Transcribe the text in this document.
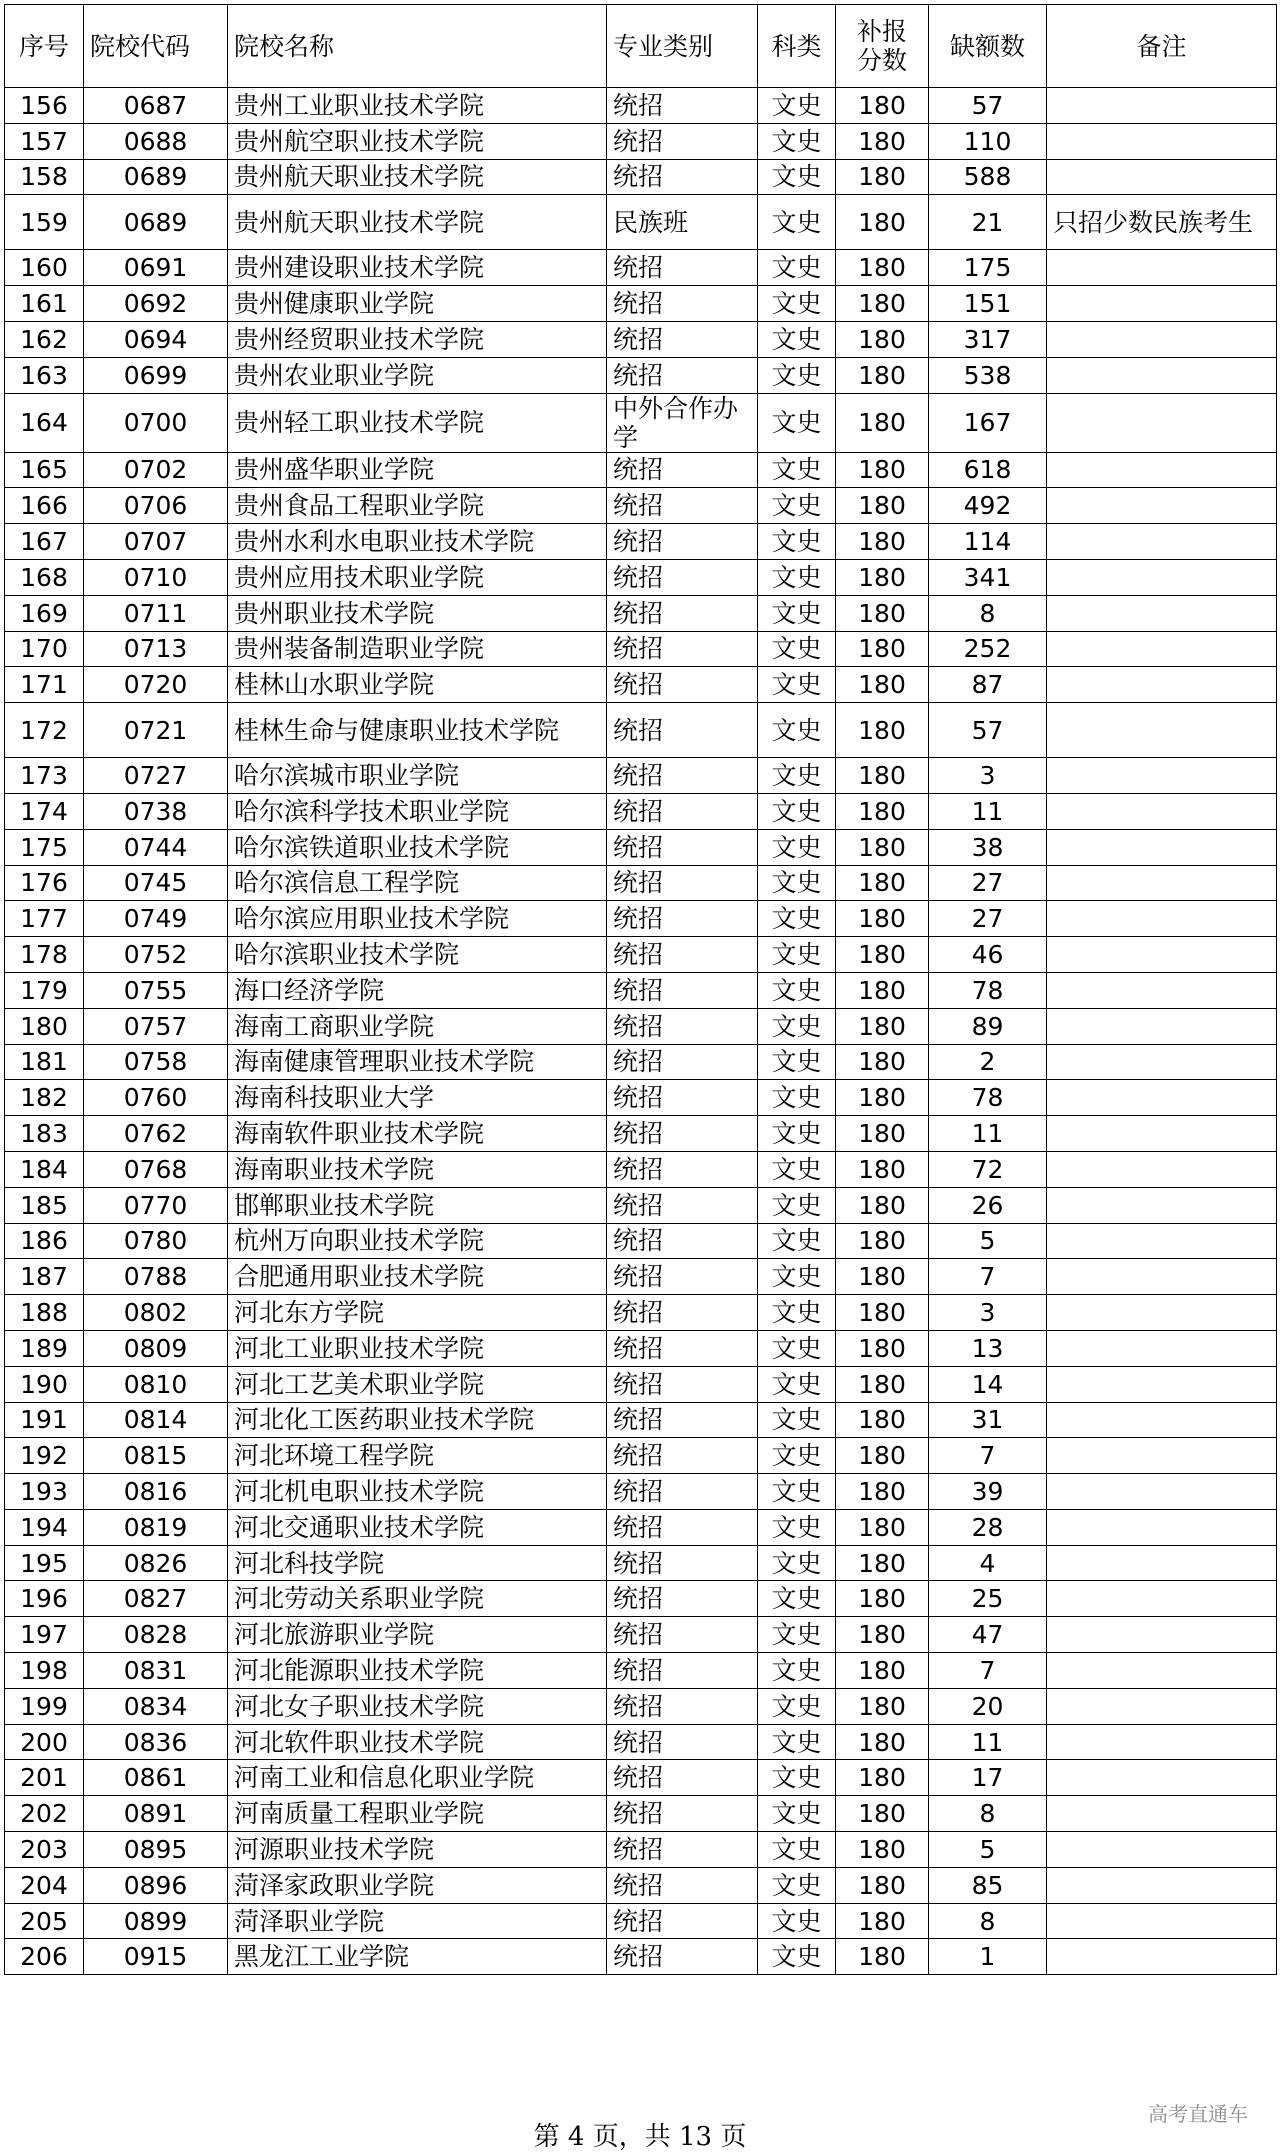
序号	院校代码	院校名称	专业类别	科类	补报分数	缺额数	备注
156	0687	贵州工业职业技术学院	统招	文史	180	57	
157	0688	贵州航空职业技术学院	统招	文史	180	110	
158	0689	贵州航天职业技术学院	统招	文史	180	588	
159	0689	贵州航天职业技术学院	民族班	文史	180	21	只招少数民族考生
160	0691	贵州建设职业技术学院	统招	文史	180	175	
161	0692	贵州健康职业学院	统招	文史	180	151	
162	0694	贵州经贸职业技术学院	统招	文史	180	317	
163	0699	贵州农业职业学院	统招	文史	180	538	
164	0700	贵州轻工职业技术学院	中外合作办学	文史	180	167	
165	0702	贵州盛华职业学院	统招	文史	180	618	
166	0706	贵州食品工程职业学院	统招	文史	180	492	
167	0707	贵州水利水电职业技术学院	统招	文史	180	114	
168	0710	贵州应用技术职业学院	统招	文史	180	341	
169	0711	贵州职业技术学院	统招	文史	180	8	
170	0713	贵州装备制造职业学院	统招	文史	180	252	
171	0720	桂林山水职业学院	统招	文史	180	87	
172	0721	桂林生命与健康职业技术学院	统招	文史	180	57	
173	0727	哈尔滨城市职业学院	统招	文史	180	3	
174	0738	哈尔滨科学技术职业学院	统招	文史	180	11	
175	0744	哈尔滨铁道职业技术学院	统招	文史	180	38	
176	0745	哈尔滨信息工程学院	统招	文史	180	27	
177	0749	哈尔滨应用职业技术学院	统招	文史	180	27	
178	0752	哈尔滨职业技术学院	统招	文史	180	46	
179	0755	海口经济学院	统招	文史	180	78	
180	0757	海南工商职业学院	统招	文史	180	89	
181	0758	海南健康管理职业技术学院	统招	文史	180	2	
182	0760	海南科技职业大学	统招	文史	180	78	
183	0762	海南软件职业技术学院	统招	文史	180	11	
184	0768	海南职业技术学院	统招	文史	180	72	
185	0770	邯郸职业技术学院	统招	文史	180	26	
186	0780	杭州万向职业技术学院	统招	文史	180	5	
187	0788	合肥通用职业技术学院	统招	文史	180	7	
188	0802	河北东方学院	统招	文史	180	3	
189	0809	河北工业职业技术学院	统招	文史	180	13	
190	0810	河北工艺美术职业学院	统招	文史	180	14	
191	0814	河北化工医药职业技术学院	统招	文史	180	31	
192	0815	河北环境工程学院	统招	文史	180	7	
193	0816	河北机电职业技术学院	统招	文史	180	39	
194	0819	河北交通职业技术学院	统招	文史	180	28	
195	0826	河北科技学院	统招	文史	180	4	
196	0827	河北劳动关系职业学院	统招	文史	180	25	
197	0828	河北旅游职业学院	统招	文史	180	47	
198	0831	河北能源职业技术学院	统招	文史	180	7	
199	0834	河北女子职业技术学院	统招	文史	180	20	
200	0836	河北软件职业技术学院	统招	文史	180	11	
201	0861	河南工业和信息化职业学院	统招	文史	180	17	
202	0891	河南质量工程职业学院	统招	文史	180	8	
203	0895	河源职业技术学院	统招	文史	180	5	
204	0896	菏泽家政职业学院	统招	文史	180	85	
205	0899	菏泽职业学院	统招	文史	180	8	
206	0915	黑龙江工业学院	统招	文史	180	1	
第 4 页，共 13 页
高考直通车
